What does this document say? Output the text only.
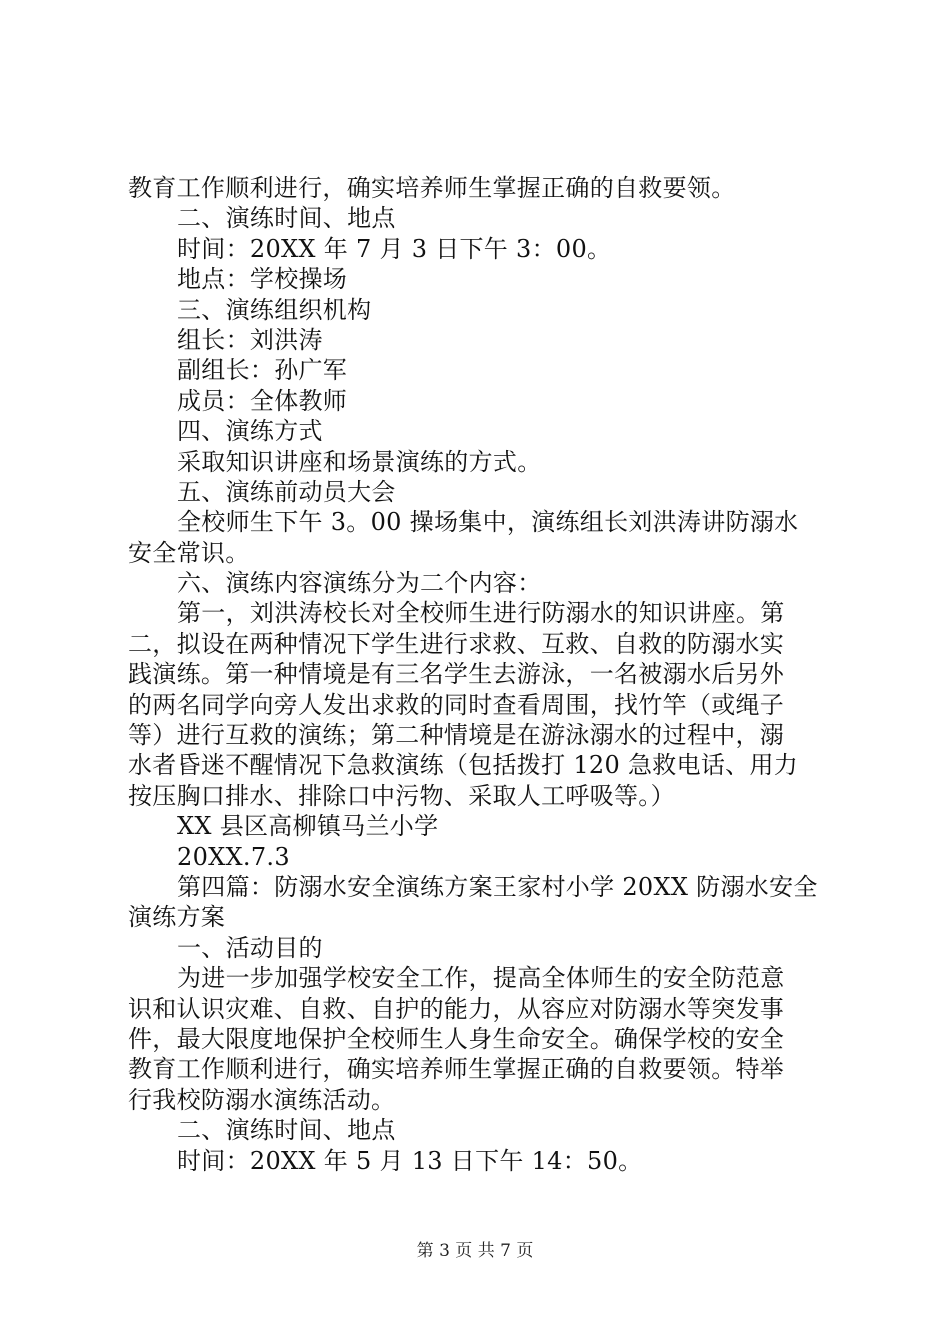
教育工作顺利进行，确实培养师生掌握正确的自救要领。
二、演练时间、地点
时间：20XX 年 7 月 3 日下午 3：00。
地点：学校操场
三、演练组织机构
组长：刘洪涛
副组长：孙广军
成员：全体教师
四、演练方式
采取知识讲座和场景演练的方式。
五、演练前动员大会
全校师生下午 3。00 操场集中，演练组长刘洪涛讲防溺水
安全常识。
六、演练内容演练分为二个内容：
第一，刘洪涛校长对全校师生进行防溺水的知识讲座。第
二，拟设在两种情况下学生进行求救、互救、自救的防溺水实
践演练。第一种情境是有三名学生去游泳，一名被溺水后另外
的两名同学向旁人发出求救的同时查看周围，找竹竿（或绳子
等）进行互救的演练；第二种情境是在游泳溺水的过程中，溺
水者昏迷不醒情况下急救演练（包括拨打 120 急救电话、用力
按压胸口排水、排除口中污物、采取人工呼吸等。）
XX 县区高柳镇马兰小学
20XX.7.3
第四篇：防溺水安全演练方案王家村小学 20XX 防溺水安全
演练方案
一、活动目的
为进一步加强学校安全工作，提高全体师生的安全防范意
识和认识灾难、自救、自护的能力，从容应对防溺水等突发事
件，最大限度地保护全校师生人身生命安全。确保学校的安全
教育工作顺利进行，确实培养师生掌握正确的自救要领。特举
行我校防溺水演练活动。
二、演练时间、地点
时间：20XX 年 5 月 13 日下午 14：50。
第 3 页 共 7 页
